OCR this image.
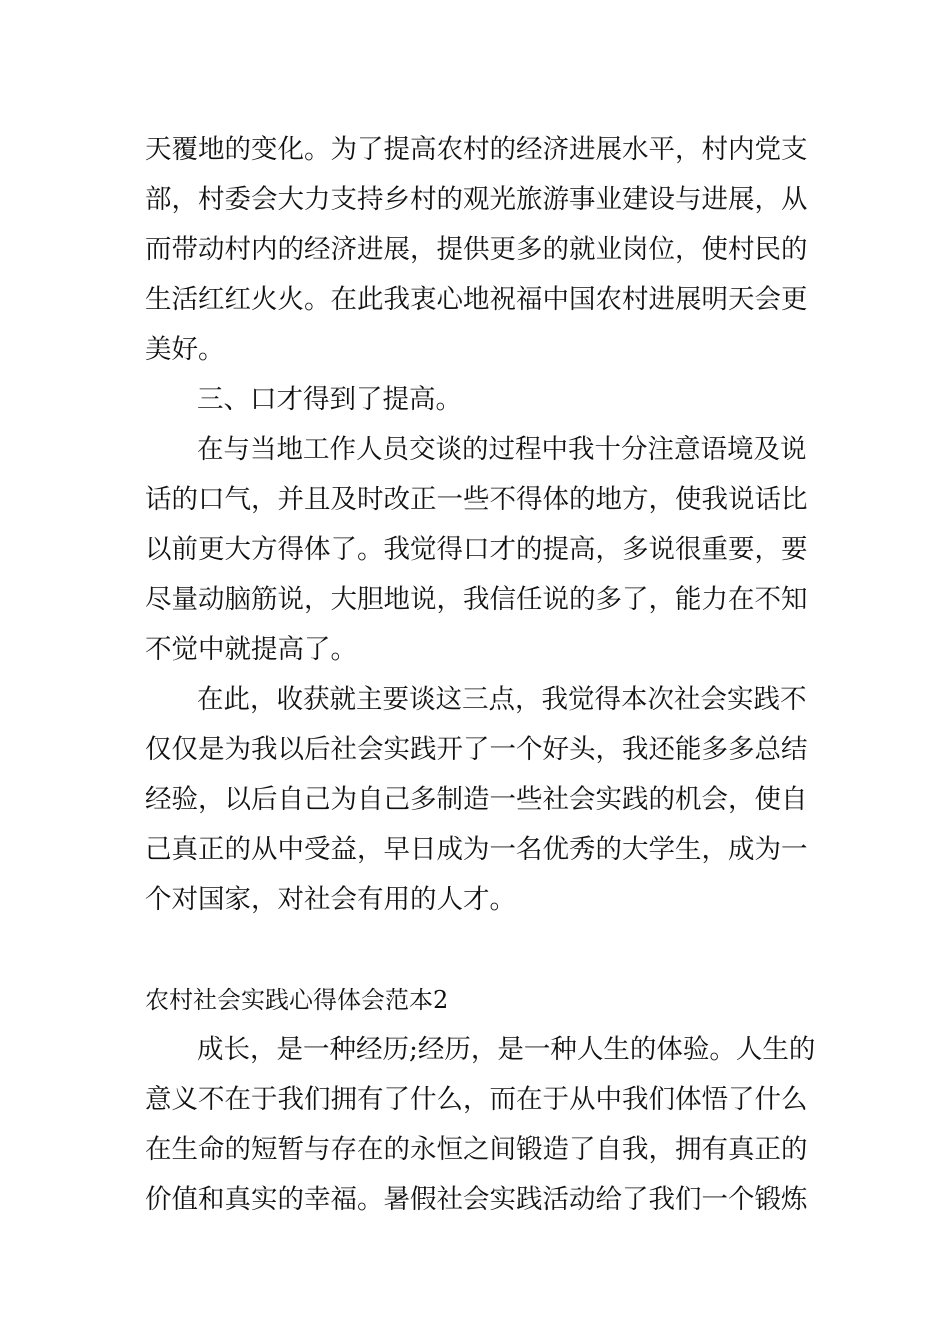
天覆地的变化。为了提高农村的经济进展水平，村内党支
部，村委会大力支持乡村的观光旅游事业建设与进展，从
而带动村内的经济进展，提供更多的就业岗位，使村民的
生活红红火火。在此我衷心地祝福中国农村进展明天会更
美好。
三、口才得到了提高。
在与当地工作人员交谈的过程中我十分注意语境及说
话的口气，并且及时改正一些不得体的地方，使我说话比
以前更大方得体了。我觉得口才的提高，多说很重要，要
尽量动脑筋说，大胆地说，我信任说的多了，能力在不知
不觉中就提高了。
在此，收获就主要谈这三点，我觉得本次社会实践不
仅仅是为我以后社会实践开了一个好头，我还能多多总结
经验，以后自己为自己多制造一些社会实践的机会，使自
己真正的从中受益，早日成为一名优秀的大学生，成为一
个对国家，对社会有用的人才。
农村社会实践心得体会范本2
成长，是一种经历;经历，是一种人生的体验。人生的
意义不在于我们拥有了什么，而在于从中我们体悟了什么
在生命的短暂与存在的永恒之间锻造了自我，拥有真正的
价值和真实的幸福。暑假社会实践活动给了我们一个锻炼
